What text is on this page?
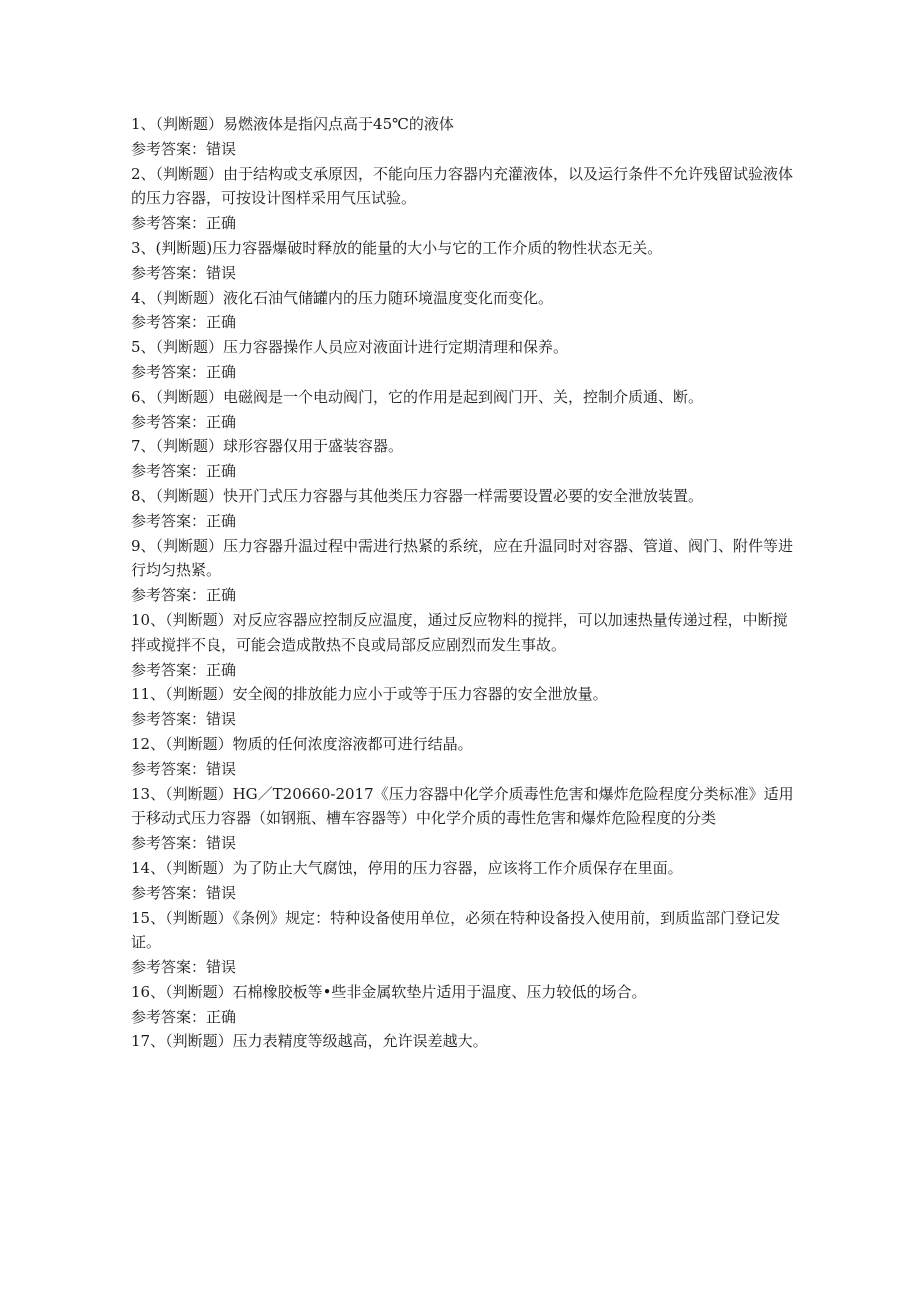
1、（判断题）易燃液体是指闪点高于45℃的液体

参考答案：错误

2、（判断题）由于结构或支承原因，不能向压力容器内充灌液体，以及运行条件不允许残留试验液体的压力容器，可按设计图样采用气压试验。

参考答案：正确

3、(判断题)压力容器爆破时释放的能量的大小与它的工作介质的物性状态无关。

参考答案：错误

4、（判断题）液化石油气储罐内的压力随环境温度变化而变化。

参考答案：正确

5、（判断题）压力容器操作人员应对液面计进行定期清理和保养。

参考答案：正确

6、（判断题）电磁阀是一个电动阀门，它的作用是起到阀门开、关，控制介质通、断。

参考答案：正确

7、（判断题）球形容器仅用于盛装容器。

参考答案：正确

8、（判断题）快开门式压力容器与其他类压力容器一样需要设置必要的安全泄放装置。

参考答案：正确

9、（判断题）压力容器升温过程中需进行热紧的系统，应在升温同时对容器、管道、阀门、附件等进行均匀热紧。

参考答案：正确

10、（判断题）对反应容器应控制反应温度，通过反应物料的搅拌，可以加速热量传递过程，中断搅拌或搅拌不良，可能会造成散热不良或局部反应剧烈而发生事故。

参考答案：正确

11、（判断题）安全阀的排放能力应小于或等于压力容器的安全泄放量。

参考答案：错误

12、（判断题）物质的任何浓度溶液都可进行结晶。

参考答案：错误

13、（判断题）HG／T20660-2017《压力容器中化学介质毒性危害和爆炸危险程度分类标准》适用于移动式压力容器（如钢瓶、槽车容器等）中化学介质的毒性危害和爆炸危险程度的分类

参考答案：错误

14、（判断题）为了防止大气腐蚀，停用的压力容器，应该将工作介质保存在里面。

参考答案：错误

15、（判断题）《条例》规定：特种设备使用单位，必须在特种设备投入使用前，到质监部门登记发证。

参考答案：错误

16、（判断题）石棉橡胶板等•些非金属软垫片适用于温度、压力较低的场合。

参考答案：正确

17、（判断题）压力表精度等级越高，允许误差越大。
